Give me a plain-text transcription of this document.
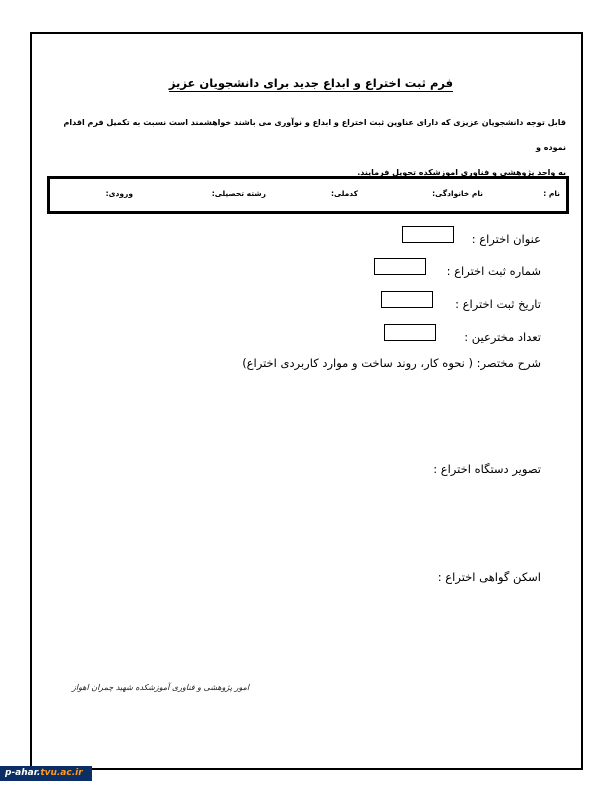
فرم ثبت اختراع و ابداع جدید برای دانشجویان عزیز
قابل توجه دانشجویان عزیزی که دارای عناوین ثبت اختراع و ابداع و نوآوری می باشند خواهشمند است نسبت به تکمیل فرم اقدام نموده و
به واحد پژوهشی و فناوری اموزشکده تحویل فرمایند.
نام :
نام خانوادگی:
کدملی:
رشته تحصیلی:
ورودی:
عنوان اختراع :
شماره ثبت اختراع :
تاریخ ثبت اختراع :
تعداد مخترعین :
شرح مختصر: ( نحوه کار، روند ساخت و موارد کاربردی اختراع)
تصویر دستگاه اختراع :
اسکن گواهی اختراع :
امور پژوهشی و فناوری آموزشکده شهید چمران اهواز
p-ahar.tvu.ac.ir
